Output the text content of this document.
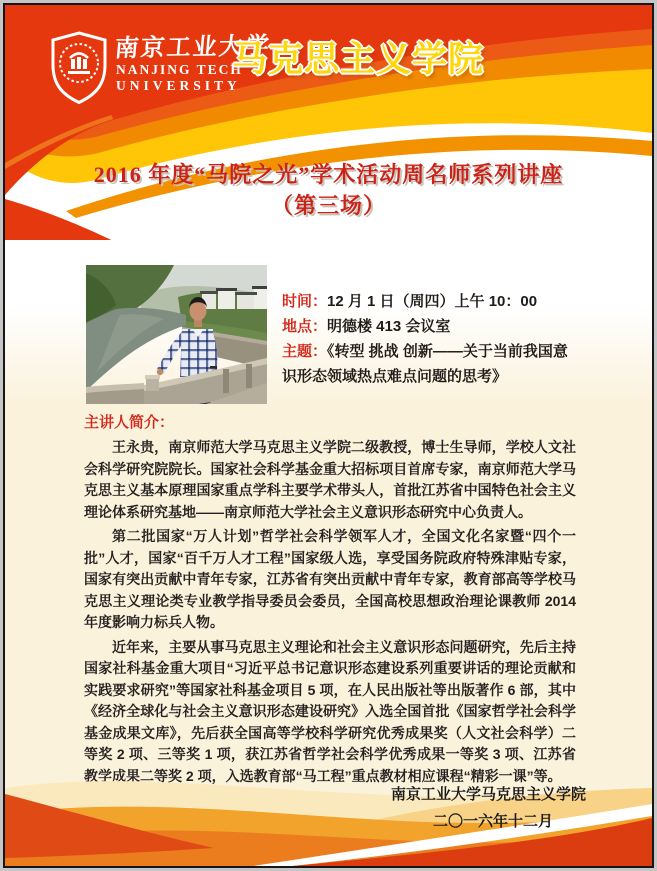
南京工业大学
NANJING TECH
UNIVERSITY
马克思主义学院
2016 年度“马院之光”学术活动周名师系列讲座
（第三场）

时间：12 月 1 日（周四）上午 10：00

地点：明德楼 413 会议室

主题：《转型 挑战 创新——关于当前我国意识形态领域热点难点问题的思考》

主讲人简介：

王永贵，南京师范大学马克思主义学院二级教授，博士生导师，学校人文社会科学研究院院长。国家社会科学基金重大招标项目首席专家，南京师范大学马克思主义基本原理国家重点学科主要学术带头人，首批江苏省中国特色社会主义理论体系研究基地——南京师范大学社会主义意识形态研究中心负责人。

第二批国家“万人计划”哲学社会科学领军人才，全国文化名家暨“四个一批”人才，国家“百千万人才工程”国家级人选，享受国务院政府特殊津贴专家，国家有突出贡献中青年专家，江苏省有突出贡献中青年专家，教育部高等学校马克思主义理论类专业教学指导委员会委员，全国高校思想政治理论课教师 2014 年度影响力标兵人物。

近年来，主要从事马克思主义理论和社会主义意识形态问题研究，先后主持国家社科基金重大项目“习近平总书记意识形态建设系列重要讲话的理论贡献和实践要求研究”等国家社科基金项目 5 项，在人民出版社等出版著作 6 部，其中《经济全球化与社会主义意识形态建设研究》入选全国首批《国家哲学社会科学基金成果文库》，先后获全国高等学校科学研究优秀成果奖（人文社会科学）二等奖 2 项、三等奖 1 项，获江苏省哲学社会科学优秀成果一等奖 3 项、江苏省教学成果二等奖 2 项，入选教育部“马工程”重点教材相应课程“精彩一课”等。

南京工业大学马克思主义学院
二〇一六年十二月
